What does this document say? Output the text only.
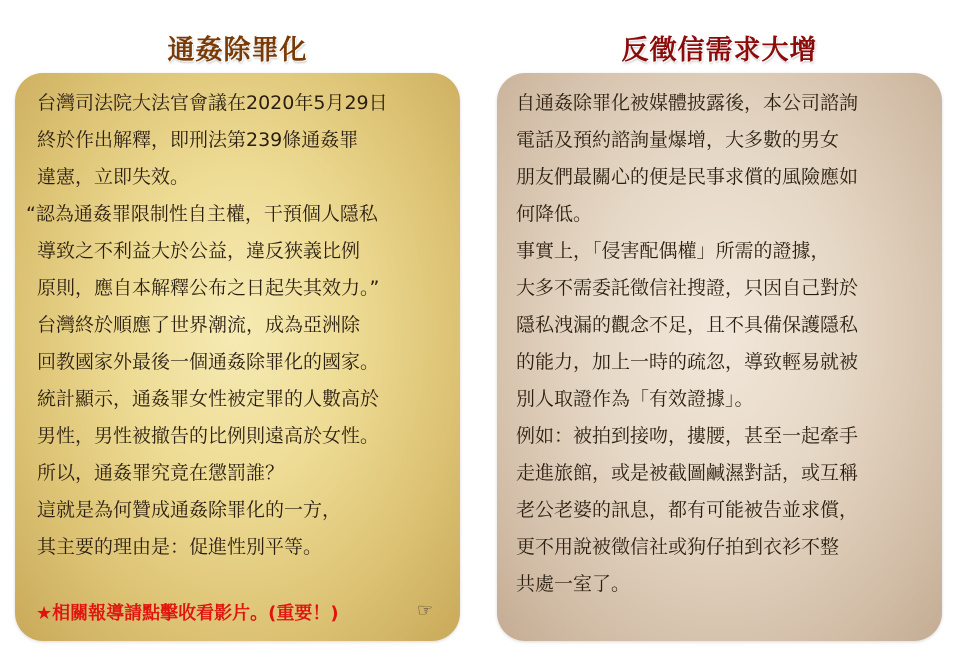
通姦除罪化
台灣司法院大法官會議在2020年5月29日
終於作出解釋，即刑法第239條通姦罪
違憲，立即失效。
“認為通姦罪限制性自主權，干預個人隱私
導致之不利益大於公益，違反狹義比例
原則，應自本解釋公布之日起失其效力。”
台灣終於順應了世界潮流，成為亞洲除
回教國家外最後一個通姦除罪化的國家。
統計顯示，通姦罪女性被定罪的人數高於
男性，男性被撤告的比例則遠高於女性。
所以，通姦罪究竟在懲罰誰？
這就是為何贊成通姦除罪化的一方，
其主要的理由是：促進性別平等。
★相關報導請點擊收看影片。(重要！)	☞
反徵信需求大增
自通姦除罪化被媒體披露後，本公司諮詢
電話及預約諮詢量爆增，大多數的男女
朋友們最關心的便是民事求償的風險應如
何降低。
事實上，「侵害配偶權」所需的證據，
大多不需委託徵信社搜證，只因自己對於
隱私洩漏的觀念不足，且不具備保護隱私
的能力，加上一時的疏忽，導致輕易就被
別人取證作為「有效證據」。
例如：被拍到接吻，摟腰，甚至一起牽手
走進旅館，或是被截圖鹹濕對話，或互稱
老公老婆的訊息，都有可能被告並求償，
更不用說被徵信社或狗仔拍到衣衫不整
共處一室了。
